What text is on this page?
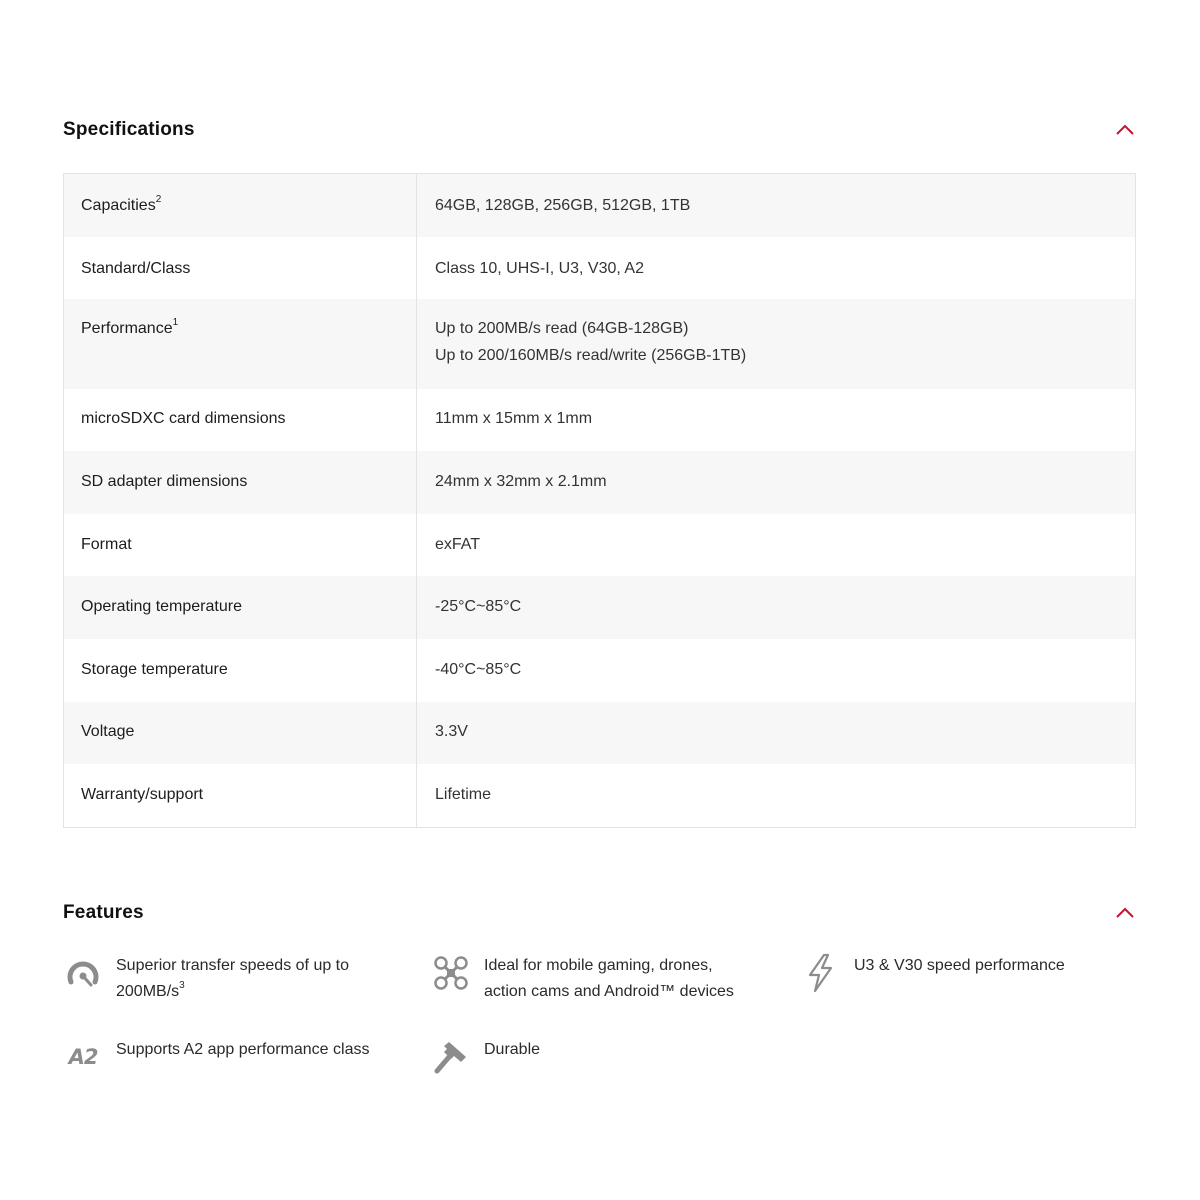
Specifications
Capacities$^2$	64GB, 128GB, 256GB, 512GB, 1TB
Standard/Class	Class 10, UHS-I, U3, V30, A2
Performance$^1$	Up to 200MB/s read (64GB-128GB)
Up to 200/160MB/s read/write (256GB-1TB)
microSDXC card dimensions	11mm x 15mm x 1mm
SD adapter dimensions	24mm x 32mm x 2.1mm
Format	exFAT
Operating temperature	-25°C~85°C
Storage temperature	-40°C~85°C
Voltage	3.3V
Warranty/support	Lifetime
Features
Superior transfer speeds of up to
$200MB/s^3$
Ideal for mobile gaming, drones,
action cams and Android™ devices
U3 & V30 speed performance
A2 Supports A2 app performance class	Durable
